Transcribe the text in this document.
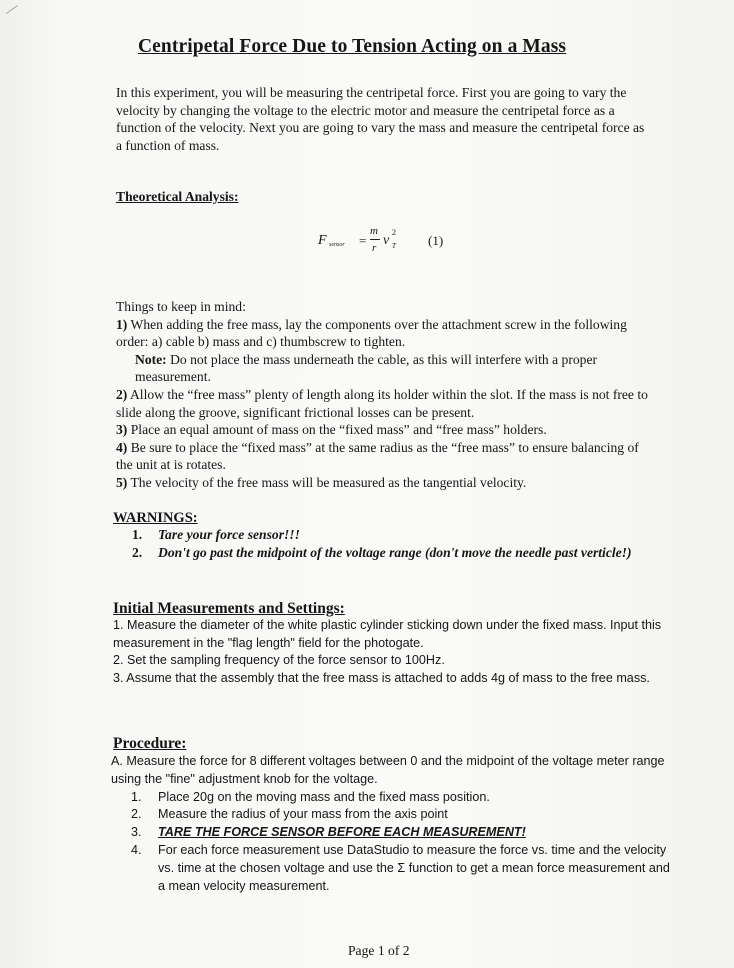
Centripetal Force Due to Tension Acting on a Mass
In this experiment, you will be measuring the centripetal force. First you are going to vary the velocity by changing the voltage to the electric motor and measure the centripetal force as a function of the velocity. Next you are going to vary the mass and measure the centripetal force as a function of mass.
Theoretical Analysis:
F sensor =
m
r v
2
T (1)

Things to keep in mind:

1) When adding the free mass, lay the components over the attachment screw in the following order: a) cable b) mass and c) thumbscrew to tighten.

Note: Do not place the mass underneath the cable, as this will interfere with a proper measurement.

2) Allow the “free mass” plenty of length along its holder within the slot. If the mass is not free to slide along the groove, significant frictional losses can be present.

3) Place an equal amount of mass on the “fixed mass” and “free mass” holders.

4) Be sure to place the “fixed mass” at the same radius as the “free mass” to ensure balancing of the unit at is rotates.

5) The velocity of the free mass will be measured as the tangential velocity.

WARNINGS:
1.	Tare your force sensor!!!
2.	Don't go past the midpoint of the voltage range (don't move the needle past verticle!)
Initial Measurements and Settings:

1. Measure the diameter of the white plastic cylinder sticking down under the fixed mass. Input this measurement in the "flag length" field for the photogate.

2. Set the sampling frequency of the force sensor to 100Hz.

3. Assume that the assembly that the free mass is attached to adds 4g of mass to the free mass.

Procedure:

A. Measure the force for 8 different voltages between 0 and the midpoint of the voltage meter range using the "fine" adjustment knob for the voltage.

1.	Place 20g on the moving mass and the fixed mass position.
2.	Measure the radius of your mass from the axis point
3.	TARE THE FORCE SENSOR BEFORE EACH MEASUREMENT!
4.	For each force measurement use DataStudio to measure the force vs. time and the velocity vs. time at the chosen voltage and use the Σ function to get a mean force measurement and a mean velocity measurement.
Page 1 of 2
